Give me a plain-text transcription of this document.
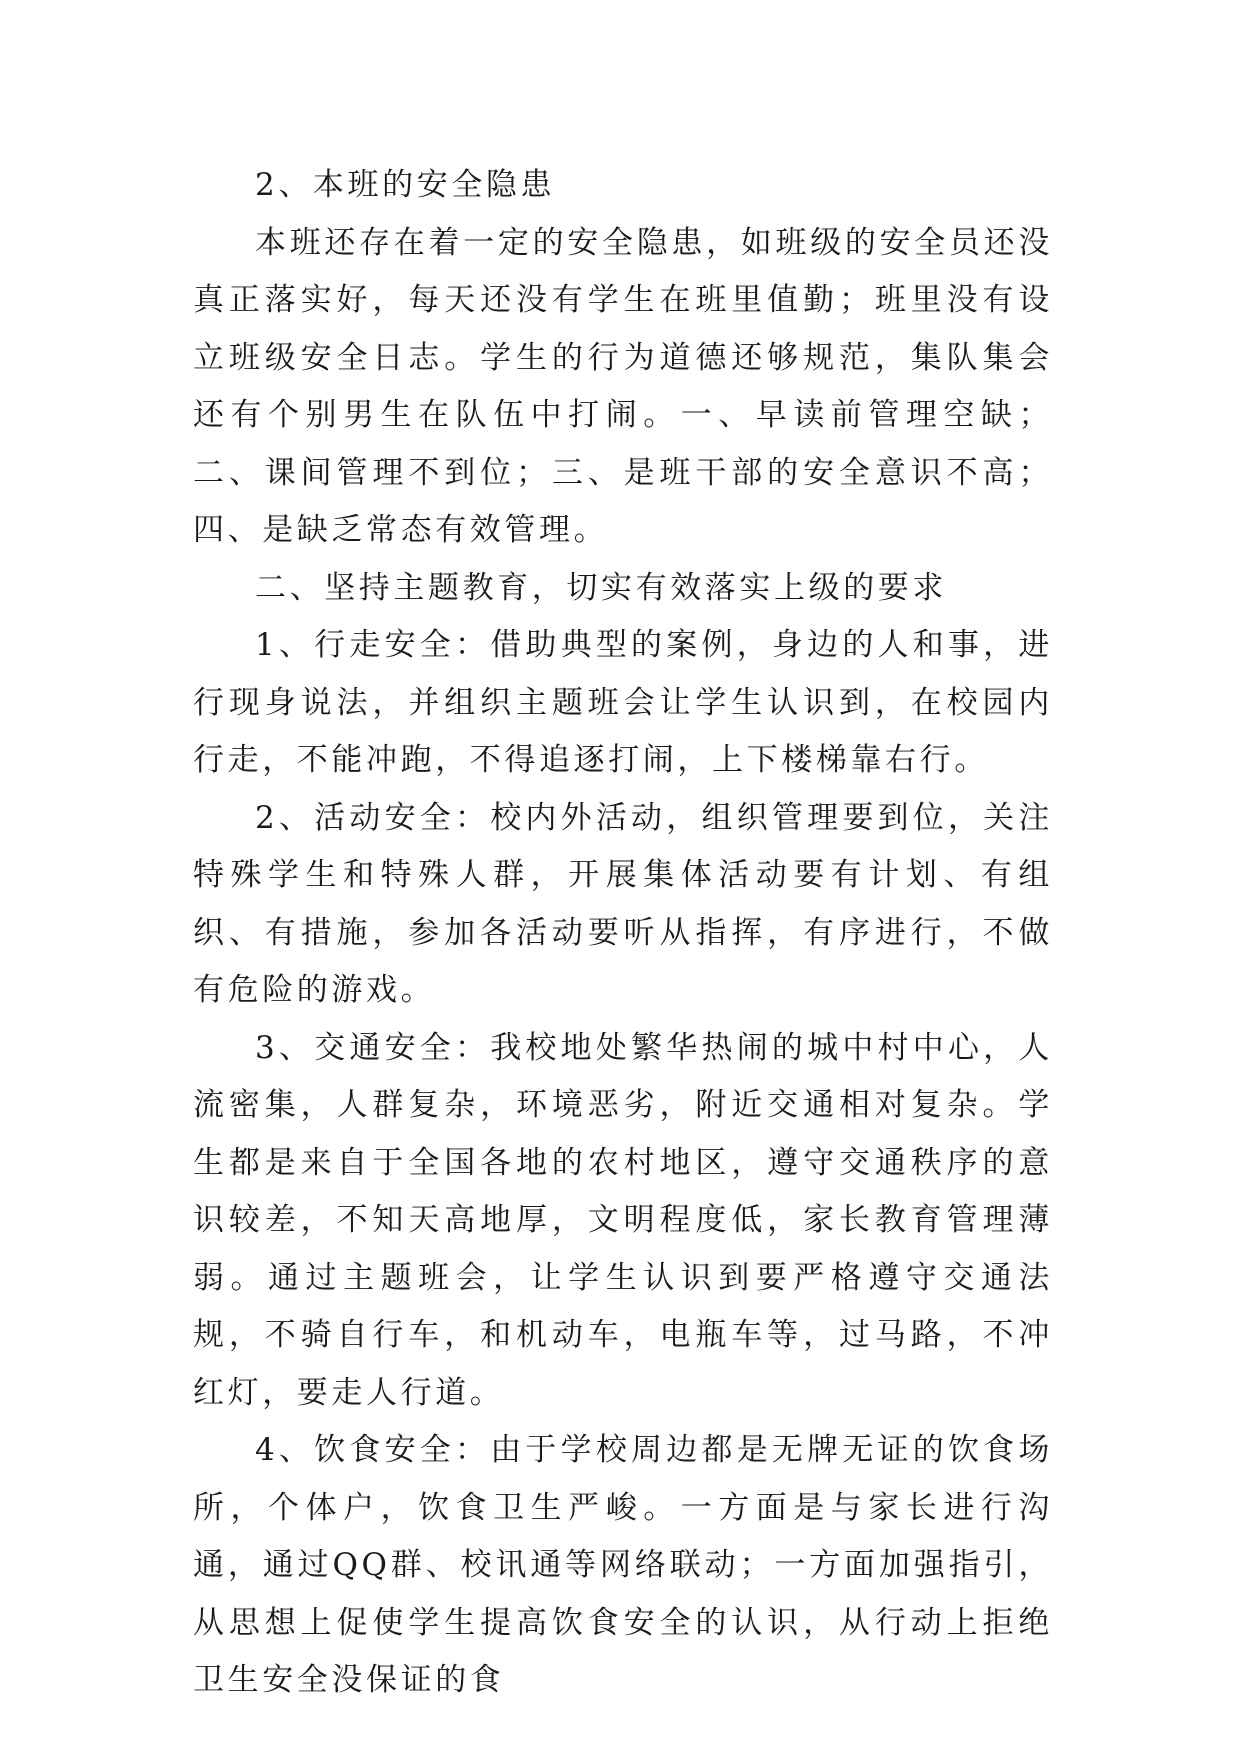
2、本班的安全隐患

本班还存在着一定的安全隐患，如班级的安全员还没真正落实好，每天还没有学生在班里值勤；班里没有设立班级安全日志。学生的行为道德还够规范，集队集会还有个别男生在队伍中打闹。一、早读前管理空缺；二、课间管理不到位；三、是班干部的安全意识不高；四、是缺乏常态有效管理。

二、坚持主题教育，切实有效落实上级的要求

1、行走安全：借助典型的案例，身边的人和事，进行现身说法，并组织主题班会让学生认识到，在校园内行走，不能冲跑，不得追逐打闹，上下楼梯靠右行。

2、活动安全：校内外活动，组织管理要到位，关注特殊学生和特殊人群，开展集体活动要有计划、有组织、有措施，参加各活动要听从指挥，有序进行，不做有危险的游戏。

3、交通安全：我校地处繁华热闹的城中村中心，人流密集，人群复杂，环境恶劣，附近交通相对复杂。学生都是来自于全国各地的农村地区，遵守交通秩序的意识较差，不知天高地厚，文明程度低，家长教育管理薄弱。通过主题班会，让学生认识到要严格遵守交通法规，不骑自行车，和机动车，电瓶车等，过马路，不冲红灯，要走人行道。

4、饮食安全：由于学校周边都是无牌无证的饮食场所，个体户，饮食卫生严峻。一方面是与家长进行沟通，通过QQ群、校讯通等网络联动；一方面加强指引，从思想上促使学生提高饮食安全的认识，从行动上拒绝卫生安全没保证的食
